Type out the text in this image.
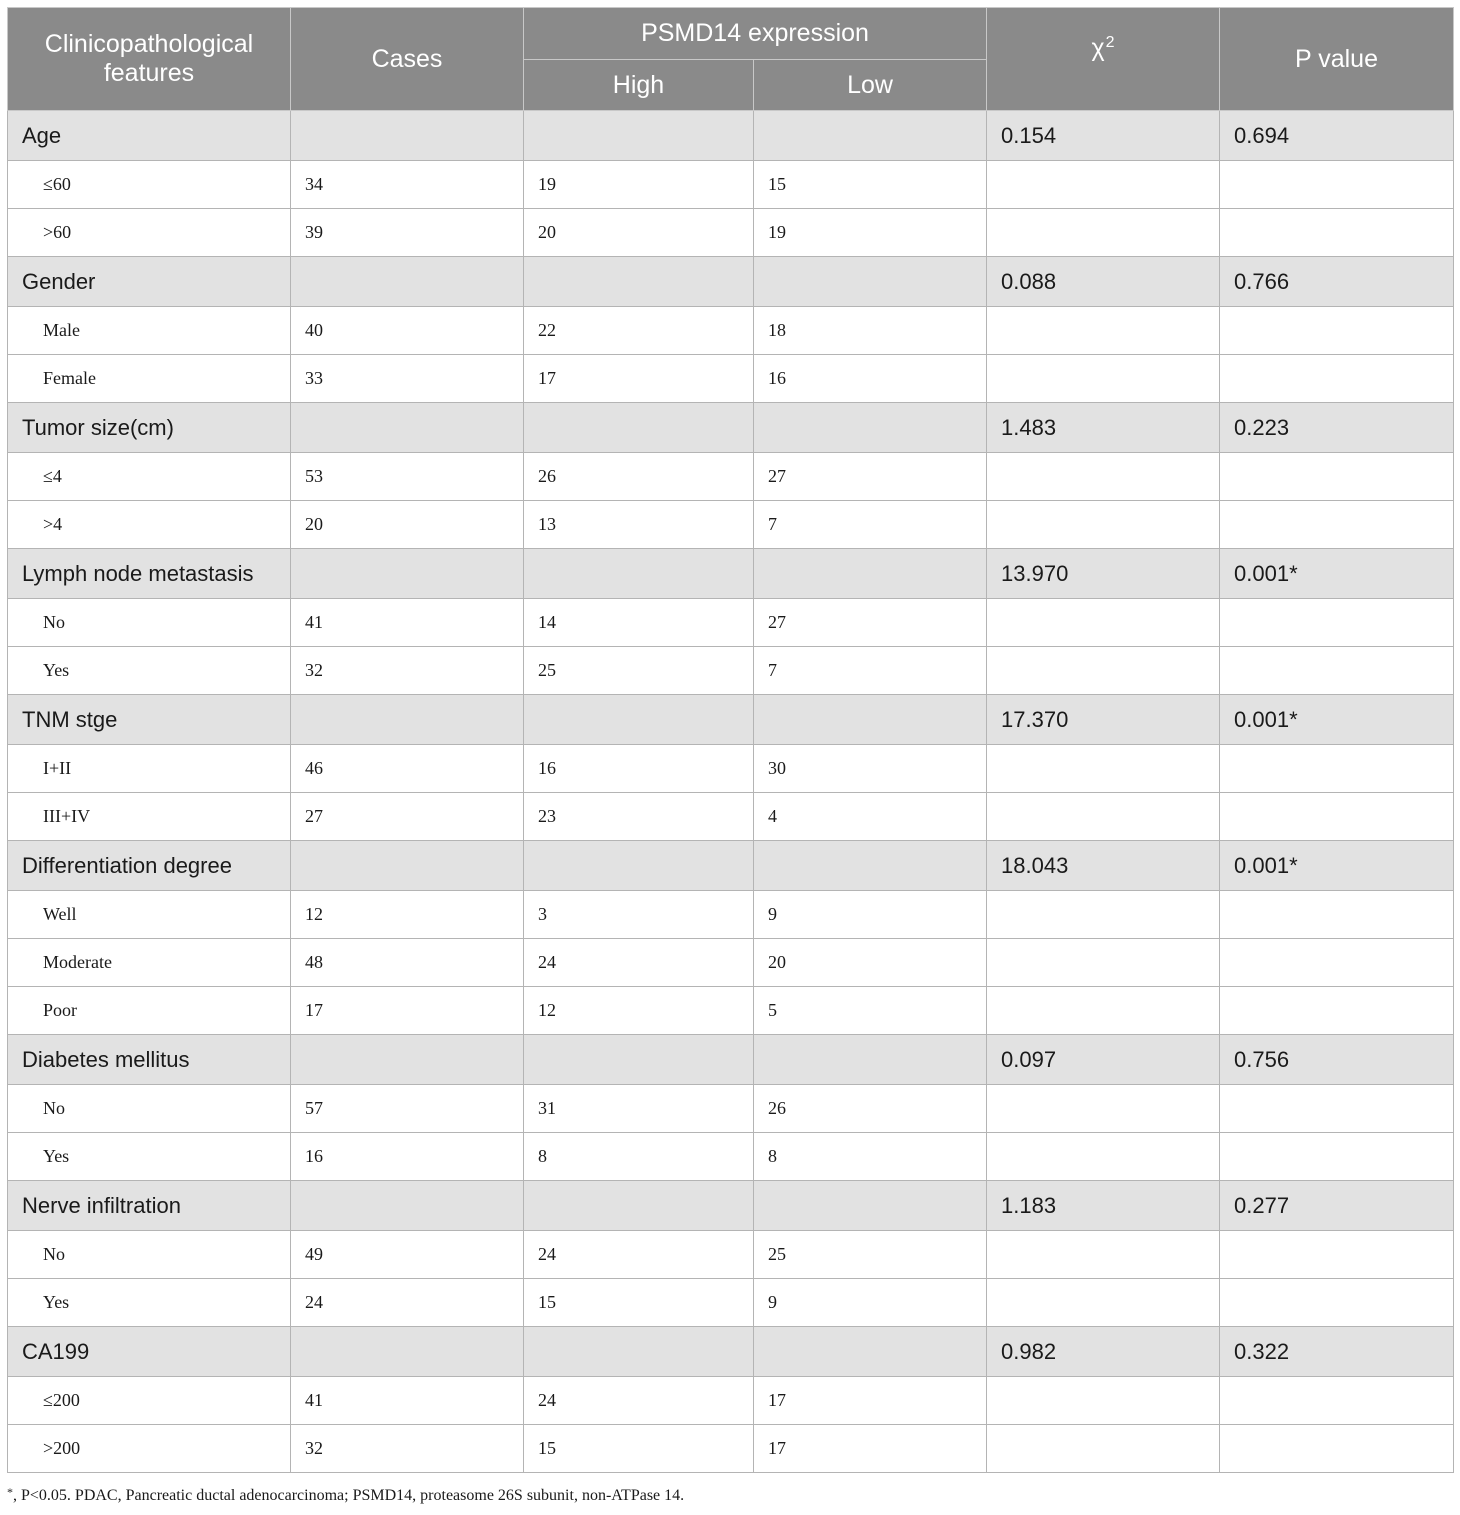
Clinicopathological features	Cases	PSMD14 expression		$\chi^2$	P value
		High	Low		
Age				0.154	0.694
≤60	34	19	15		
>60	39	20	19		
Gender				0.088	0.766
Male	40	22	18		
Female	33	17	16		
Tumor size(cm)				1.483	0.223
≤4	53	26	27		
>4	20	13	7		
Lymph node metastasis				13.970	0.001*
No	41	14	27		
Yes	32	25	7		
TNM stge				17.370	0.001*
I+II	46	16	30		
III+IV	27	23	4		
Differentiation degree				18.043	0.001*
Well	12	3	9		
Moderate	48	24	20		
Poor	17	12	5		
Diabetes mellitus				0.097	0.756
No	57	31	26		
Yes	16	8	8		
Nerve infiltration				1.183	0.277
No	49	24	25		
Yes	24	15	9		
CA199				0.982	0.322
≤200	41	24	17		
>200	32	15	17		
*, P<0.05. PDAC, Pancreatic ductal adenocarcinoma; PSMD14, proteasome 26S subunit, non-ATPase 14.
